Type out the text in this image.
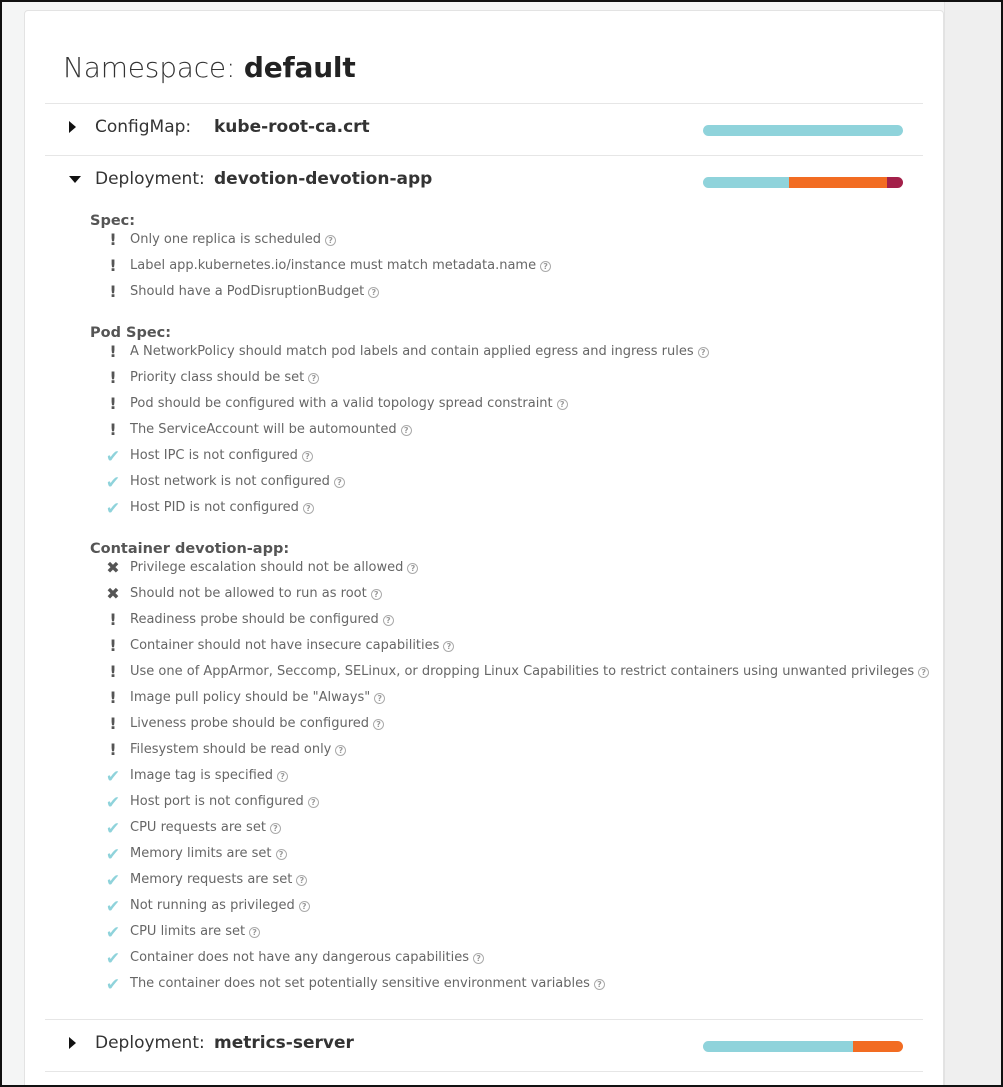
Namespace: default
ConfigMap: kube-root-ca.crt
Deployment: devotion-devotion-app
Spec:
!	Only one replica is scheduled ?
!	Label app.kubernetes.io/instance must match metadata.name ?
!	Should have a PodDisruptionBudget ?
Pod Spec:
!	A NetworkPolicy should match pod labels and contain applied egress and ingress rules ?
!	Priority class should be set ?
!	Pod should be configured with a valid topology spread constraint ?
!	The ServiceAccount will be automounted ?
✔ Host IPC is not configured ?
✔ Host network is not configured ?
✔ Host PID is not configured ?
Container devotion-app:
✖ Privilege escalation should not be allowed ?
✖ Should not be allowed to run as root ?
!	Readiness probe should be configured ?
!	Container should not have insecure capabilities ?
!	Use one of AppArmor, Seccomp, SELinux, or dropping Linux Capabilities to restrict containers using unwanted privileges ?
!	Image pull policy should be "Always" ?
!	Liveness probe should be configured ?
!	Filesystem should be read only ?
✔ Image tag is specified ?
✔ Host port is not configured ?
✔ CPU requests are set ?
✔ Memory limits are set ?
✔ Memory requests are set ?
✔ Not running as privileged ?
✔ CPU limits are set ?
✔ Container does not have any dangerous capabilities ?
✔ The container does not set potentially sensitive environment variables ?
Deployment: metrics-server
